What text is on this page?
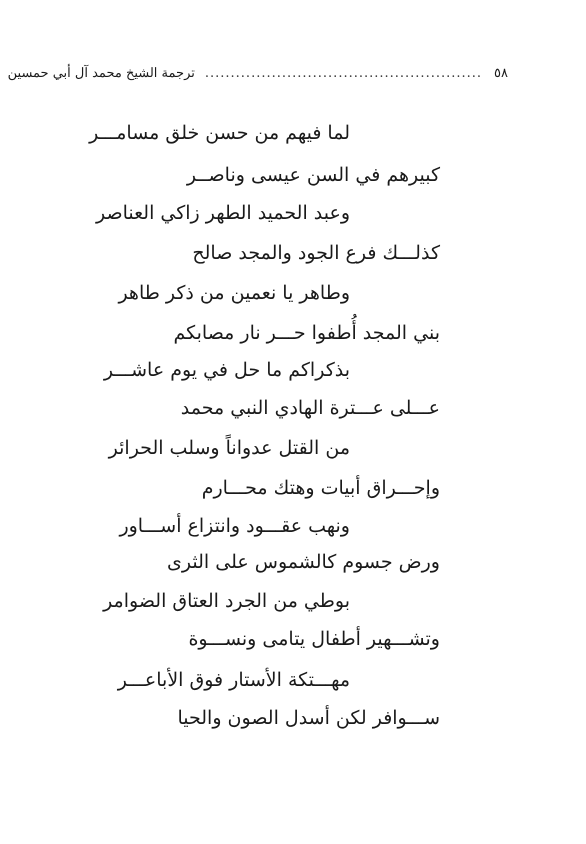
٥٨
......................................................
ترجمة الشيخ محمد آل أبي حمسين
لما فيهم من حسن خلق مسامـــر
كبيرهم في السن عيسى وناصــر
وعبد الحميد الطهر زاكي العناصر
كذلـــك فرع الجود والمجد صالح
وطاهر يا نعمين من ذكر طاهر
بني المجد أُطفوا حـــر نار مصابكم
بذكراكم ما حل في يوم عاشـــر
عـــلى عـــترة الهادي النبي محمد
من القتل عدواناً وسلب الحرائر
وإحـــراق أبيات وهتك محـــارم
ونهب عقـــود وانتزاع أســـاور
ورض جسوم كالشموس على الثرى
بوطي من الجرد العتاق الضوامر
وتشـــهير أطفال يتامى ونســـوة
مهـــتكة الأستار فوق الأباعـــر
ســـوافر لكن أسدل الصون والحيا
